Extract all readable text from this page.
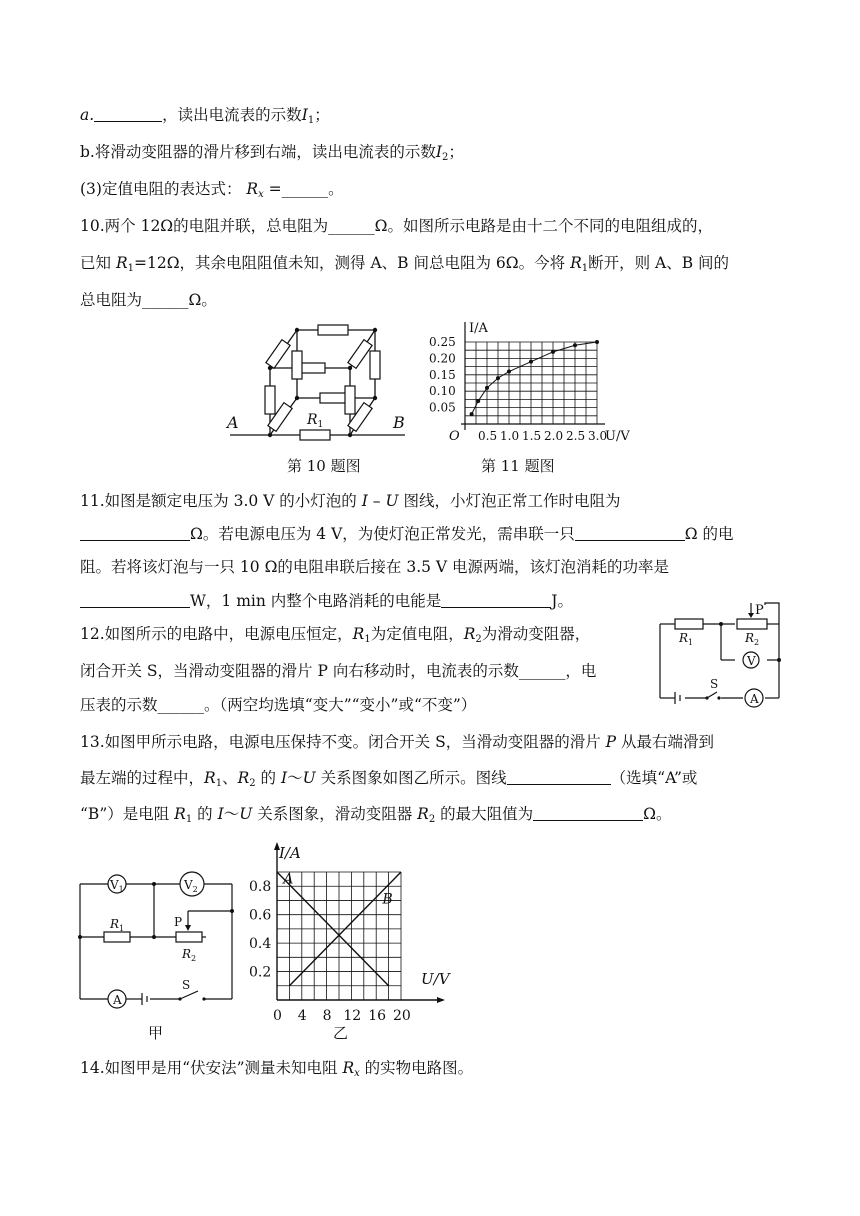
a.	，读出电流表的示数$I_1$；
b.将滑动变阻器的滑片移到右端，读出电流表的示数$I_2$；
(3)定值电阻的表达式： $R_x$ =______。
10.两个 12Ω的电阻并联，总电阻为______Ω。如图所示电路是由十二个不同的电阻组成的，
已知 $R_1=12\Omega$，其余电阻阻值未知，测得 A、B 间总电阻为 6Ω。今将 $R_1$断开，则 A、B 间的
总电阻为______Ω。
A	B
$R_1$
第 10 题图
I/A
U/V
O
0.25
0.20
0.15
0.10
0.05
0.5 1.0 1.5 2.0 2.5 3.0
第 11 题图
11.如图是额定电压为 3.0 V 的小灯泡的 I – U 图线，小灯泡正常工作时电阻为
Ω。若电源电压为 4 V，为使灯泡正常发光，需串联一只	Ω 的电
阻。若将该灯泡与一只 10 Ω的电阻串联后接在 3.5 V 电源两端，该灯泡消耗的功率是
W，1 min 内整个电路消耗的电能是	J。
12.如图所示的电路中，电源电压恒定，$R_1$为定值电阻，$R_2$为滑动变阻器，
闭合开关 S，当滑动变阻器的滑片 P 向右移动时，电流表的示数______，电
压表的示数______。（两空均选填“变大”“变小”或“不变”）
P
$R_1$	$R_2$
V
A
S
13.如图甲所示电路，电源电压保持不变。闭合开关 S，当滑动变阻器的滑片 P 从最右端滑到
最左端的过程中，$R_1$、$R_2$ 的 I～U 关系图象如图乙所示。图线	（选填“A”或
“B”）是电阻 $R_1$ 的 I～U 关系图象，滑动变阻器 $R_2$ 的最大阻值为	Ω。
$V_1$	$V_2$
$R_1$	P
$R_2$
A
S
甲
I/A
U/V
0.8
0.6
0.4
0.2
0 4 8 12 16 20
A
B
乙
14.如图甲是用“伏安法”测量未知电阻 $R_x$ 的实物电路图。
